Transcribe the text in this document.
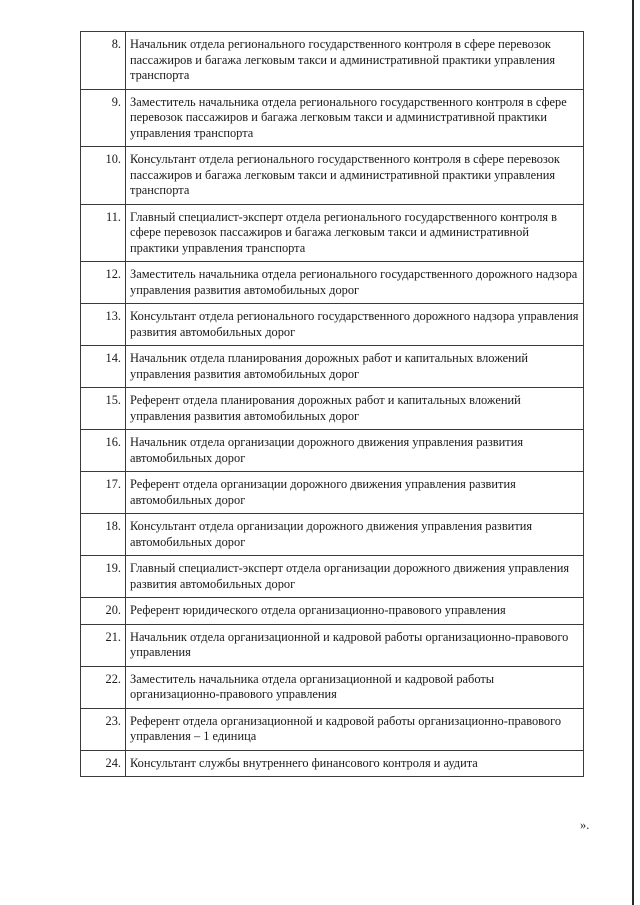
8.	Начальник отдела регионального государственного контроля в сфере перевозок пассажиров и багажа легковым такси и административной практики управления транспорта
9.	Заместитель начальника отдела регионального государственного контроля в сфере перевозок пассажиров и багажа легковым такси и административной практики управления транспорта
10.	Консультант отдела регионального государственного контроля в сфере перевозок пассажиров и багажа легковым такси и административной практики управления транспорта
11.	Главный специалист-эксперт отдела регионального государственного контроля в сфере перевозок пассажиров и багажа легковым такси и административной практики управления транспорта
12.	Заместитель начальника отдела регионального государственного дорожного надзора управления развития автомобильных дорог
13.	Консультант отдела регионального государственного дорожного надзора управления развития автомобильных дорог
14.	Начальник отдела планирования дорожных работ и капитальных вложений управления развития автомобильных дорог
15.	Референт отдела планирования дорожных работ и капитальных вложений управления развития автомобильных дорог
16.	Начальник отдела организации дорожного движения управления развития автомобильных дорог
17.	Референт отдела организации дорожного движения управления развития автомобильных дорог
18.	Консультант отдела организации дорожного движения управления развития автомобильных дорог
19.	Главный специалист-эксперт отдела организации дорожного движения управления развития автомобильных дорог
20.	Референт юридического отдела организационно-правового управления
21.	Начальник отдела организационной и кадровой работы организационно-правового управления
22.	Заместитель начальника отдела организационной и кадровой работы организационно-правового управления
23.	Референт отдела организационной и кадровой работы организационно-правового управления – 1 единица
24.	Консультант службы внутреннего финансового контроля и аудита
».
